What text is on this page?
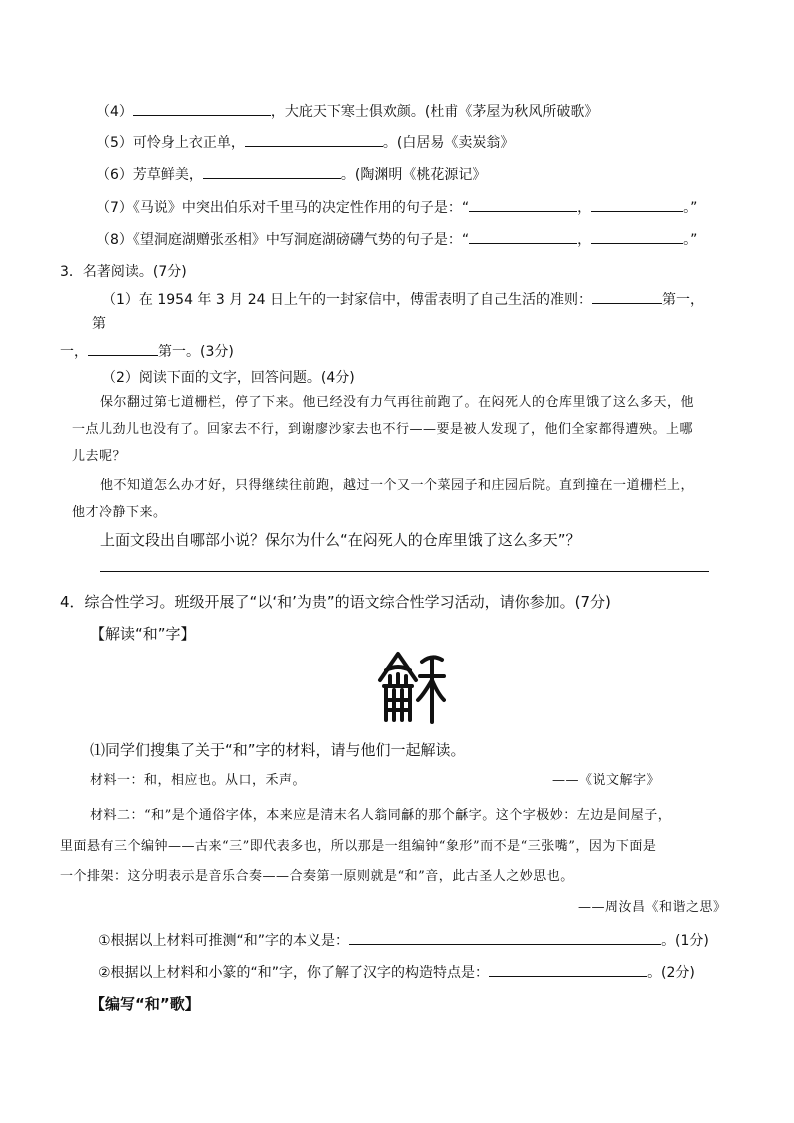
（4）	，大庇天下寒士俱欢颜。(杜甫《茅屋为秋风所破歌》
（5）可怜身上衣正单，	。(白居易《卖炭翁》
（6）芳草鲜美，	。(陶渊明《桃花源记》
（7）《马说》中突出伯乐对千里马的决定性作用的句子是：“	，	。”
（8）《望洞庭湖赠张丞相》中写洞庭湖磅礴气势的句子是：“	，	。”
3．名著阅读。(7分)
（1）在 1954 年 3 月 24 日上午的一封家信中，傅雷表明了自己生活的准则：	第一，
第
一，	第一。(3分)
（2）阅读下面的文字，回答问题。(4分)
保尔翻过第七道栅栏，停了下来。他已经没有力气再往前跑了。在闷死人的仓库里饿了这么多天，他
一点儿劲儿也没有了。回家去不行，到谢廖沙家去也不行——要是被人发现了，他们全家都得遭殃。上哪
儿去呢？
他不知道怎么办才好，只得继续往前跑，越过一个又一个菜园子和庄园后院。直到撞在一道栅栏上，
他才冷静下来。
上面文段出自哪部小说？保尔为什么“在闷死人的仓库里饿了这么多天”？
4．综合性学习。班级开展了“以‘和’为贵”的语文综合性学习活动，请你参加。(7分)
【解读“和”字】
⑴同学们搜集了关于“和”字的材料，请与他们一起解读。
材料一：和，相应也。从口，禾声。	——《说文解字》
材料二：“和”是个通俗字体，本来应是清末名人翁同龢的那个龢字。这个字极妙：左边是间屋子，
里面悬有三个编钟——古来“三”即代表多也，所以那是一组编钟“象形”而不是“三张嘴”，因为下面是
一个排架：这分明表示是音乐合奏——合奏第一原则就是“和”音，此古圣人之妙思也。
——周汝昌《和谐之思》
①根据以上材料可推测“和”字的本义是：	。(1分)
②根据以上材料和小篆的“和”字，你了解了汉字的构造特点是：	。(2分)
【编写“和”歌】
